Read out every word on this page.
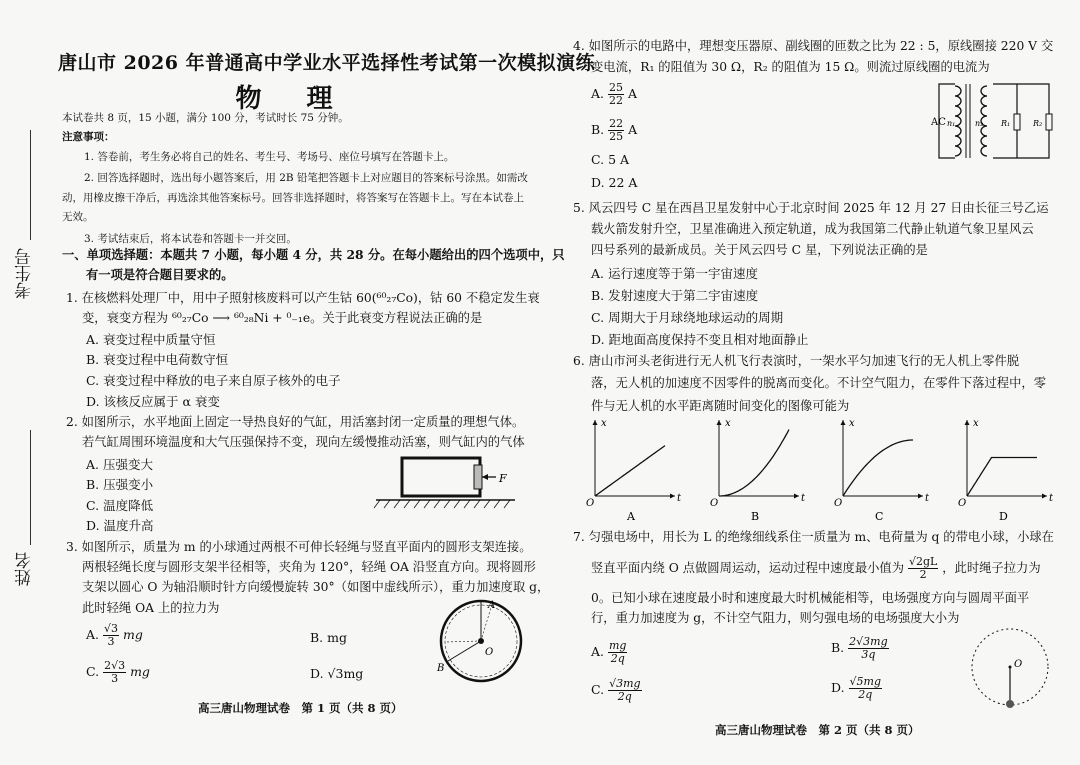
考生号
姓名
唐山市 2026 年普通高中学业水平选择性考试第一次模拟演练
物 理
本试卷共 8 页，15 小题，满分 100 分，考试时长 75 分钟。
注意事项：
1. 答卷前，考生务必将自己的姓名、考生号、考场号、座位号填写在答题卡上。
2. 回答选择题时，选出每小题答案后，用 2B 铅笔把答题卡上对应题目的答案标号涂黑。如需改
动，用橡皮擦干净后，再选涂其他答案标号。回答非选择题时，将答案写在答题卡上。写在本试卷上
无效。
3. 考试结束后，将本试卷和答题卡一并交回。
一、单项选择题：本题共 7 小题，每小题 4 分，共 28 分。在每小题给出的四个选项中，只
有一项是符合题目要求的。
1. 在核燃料处理厂中，用中子照射核废料可以产生钴 60(⁶⁰₂₇Co)，钴 60 不稳定发生衰
变，衰变方程为 ⁶⁰₂₇Co ⟶ ⁶⁰₂₈Ni + ⁰₋₁e。关于此衰变方程说法正确的是
A. 衰变过程中质量守恒
B. 衰变过程中电荷数守恒
C. 衰变过程中释放的电子来自原子核外的电子
D. 该核反应属于 α 衰变
2. 如图所示，水平地面上固定一导热良好的气缸，用活塞封闭一定质量的理想气体。
若气缸周围环境温度和大气压强保持不变，现向左缓慢推动活塞，则气缸内的气体
A. 压强变大
B. 压强变小
C. 温度降低
D. 温度升高
F
3. 如图所示，质量为 m 的小球通过两根不可伸长轻绳与竖直平面内的圆形支架连接。
两根轻绳长度与圆形支架半径相等，夹角为 120°，轻绳 OA 沿竖直方向。现将圆形
支架以圆心 O 为轴沿顺时针方向缓慢旋转 30°（如图中虚线所示），重力加速度取 g，
此时轻绳 OA 上的拉力为
A. $\frac{√3}{3}$ mg	B. mg
C. $\frac{2√3}{3}$ mg	D. √3mg
A
B
O
高三唐山物理试卷　第 1 页（共 8 页）
4. 如图所示的电路中，理想变压器原、副线圈的匝数之比为 22 : 5，原线圈接 220 V 交
变电流，R₁ 的阻值为 30 Ω，R₂ 的阻值为 15 Ω。则流过原线圈的电流为
A. $\frac{25}{22}$ A
B. $\frac{22}{25}$ A
C. 5 A
D. 22 A
AC n₁ n₂ R₁	R₂
5. 风云四号 C 星在西昌卫星发射中心于北京时间 2025 年 12 月 27 日由长征三号乙运
载火箭发射升空，卫星准确进入预定轨道，成为我国第二代静止轨道气象卫星风云
四号系列的最新成员。关于风云四号 C 星，下列说法正确的是
A. 运行速度等于第一宇宙速度
B. 发射速度大于第二宇宙速度
C. 周期大于月球绕地球运动的周期
D. 距地面高度保持不变且相对地面静止
6. 唐山市河头老街进行无人机飞行表演时，一架水平匀加速飞行的无人机上零件脱
落，无人机的加速度不因零件的脱离而变化。不计空气阻力，在零件下落过程中，零
件与无人机的水平距离随时间变化的图像可能为
x
t
O
A
x
t
O
B
x
t
O
C
x
t
O
D
7. 匀强电场中，用长为 L 的绝缘细线系住一质量为 m、电荷量为 q 的带电小球，小球在
竖直平面内绕 O 点做圆周运动，运动过程中速度最小值为 $\frac{√2gL}{2}$ ，此时绳子拉力为
0。已知小球在速度最小时和速度最大时机械能相等，电场强度方向与圆周平面平
行，重力加速度为 g，不计空气阻力，则匀强电场的电场强度大小为
A. $\frac{mg}{2q}$	B. $\frac{2√3mg}{3q}$
C. $\frac{√3mg}{2q}$	D. $\frac{√5mg}{2q}$
O
高三唐山物理试卷　第 2 页（共 8 页）
